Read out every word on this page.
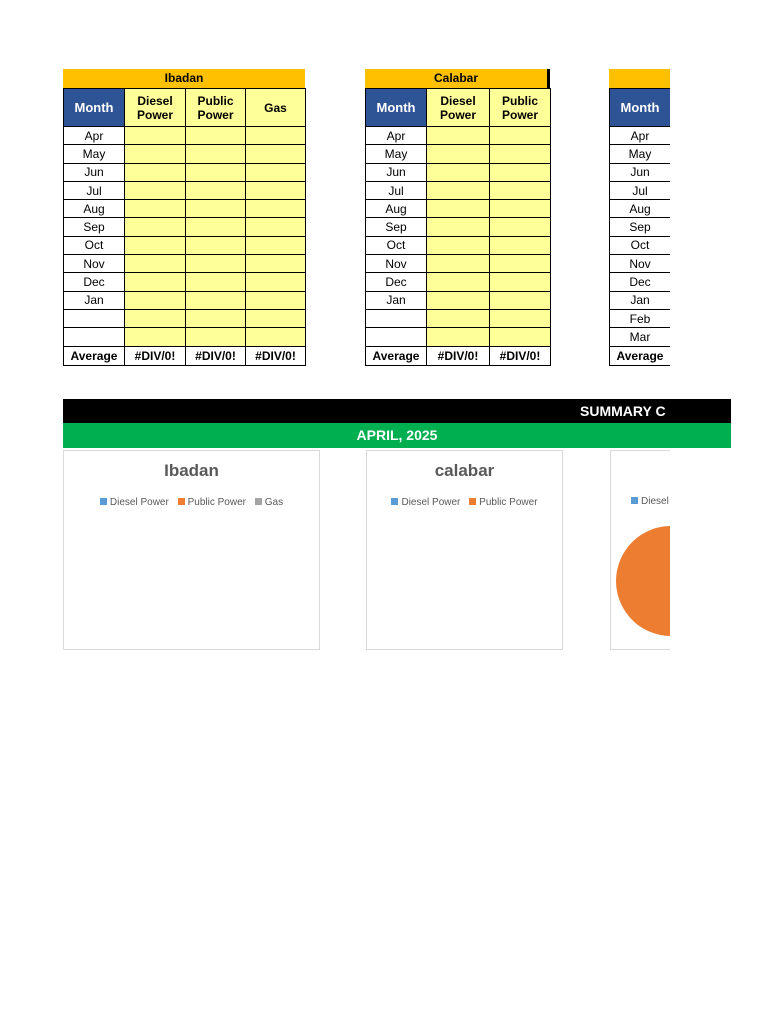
Ibadan
Month	Diesel Power	Public Power	Gas
Apr			
May			
Jun			
Jul			
Aug			
Sep			
Oct			
Nov			
Dec			
Jan			

Average	#DIV/0!	#DIV/0!	#DIV/0!
Calabar
Month	Diesel Power	Public Power
Apr		
May		
Jun		
Jul		
Aug		
Sep		
Oct		
Nov		
Dec		
Jan		

Average	#DIV/0!	#DIV/0!
Month
Apr
May
Jun
Jul
Aug
Sep
Oct
Nov
Dec
Jan
Feb
Mar
Average
SUMMARY C
APRIL, 2025
Ibadan
Diesel Power Public Power Gas
calabar
Diesel Power Public Power	Diesel
